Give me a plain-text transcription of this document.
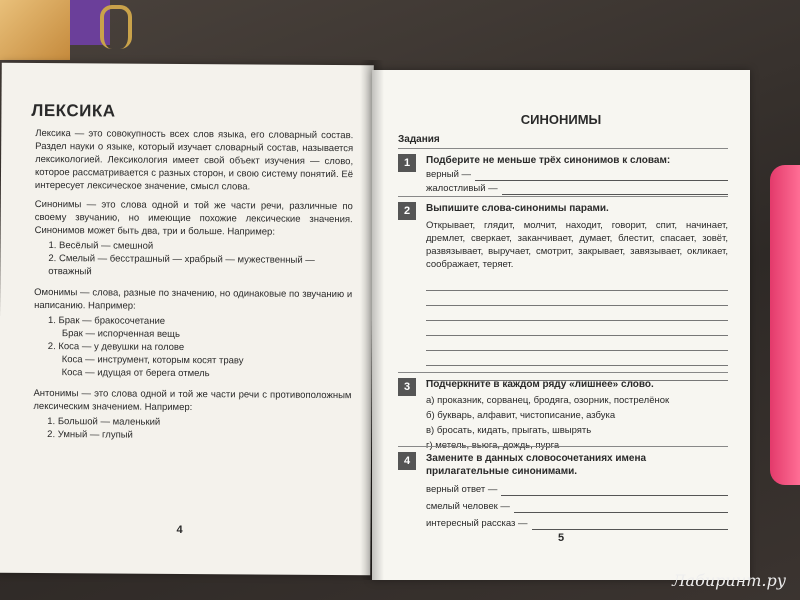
ЛЕКСИКА

Лексика — это совокупность всех слов языка, его словарный состав. Раздел науки о языке, который изучает словарный состав, называется лексикологией. Лексикология имеет свой объект изучения — слово, которое рассматривается с разных сторон, и свою систему понятий. Её интересует лексическое значение, смысл слова.

Синонимы — это слова одной и той же части речи, различные по своему звучанию, но имеющие похожие лексические значения. Синонимов может быть два, три и больше. Например:

1. Весёлый — смешной
2. Смелый — бесстрашный — храбрый — мужественный — отважный

Омонимы — слова, разные по значению, но одинаковые по звучанию и написанию. Например:

1. Брак — бракосочетание
Брак — испорченная вещь
2. Коса — у девушки на голове
Коса — инструмент, которым косят траву
Коса — идущая от берега отмель

Антонимы — это слова одной и той же части речи с противоположным лексическим значением. Например:

1. Большой — маленький
2. Умный — глупый
4
СИНОНИМЫ
Задания
1	Подберите не меньше трёх синонимов к словам:
верный —
жалостливый —
2	Выпишите слова-синонимы парами.
Открывает, глядит, молчит, находит, говорит, спит, начинает, дремлет, сверкает, заканчивает, думает, блестит, спасает, зовёт, развязывает, выручает, смотрит, закрывает, завязывает, окликает, соображает, теряет.
3	Подчеркните в каждом ряду «лишнее» слово.
а) проказник, сорванец, бродяга, озорник, пострелёнок
б) букварь, алфавит, чистописание, азбука
в) бросать, кидать, прыгать, швырять
г) метель, вьюга, дождь, пурга
4	Замените в данных словосочетаниях имена прилагательные синонимами.
верный ответ —
смелый человек —
интересный рассказ —
5
Лабиринт.ру
